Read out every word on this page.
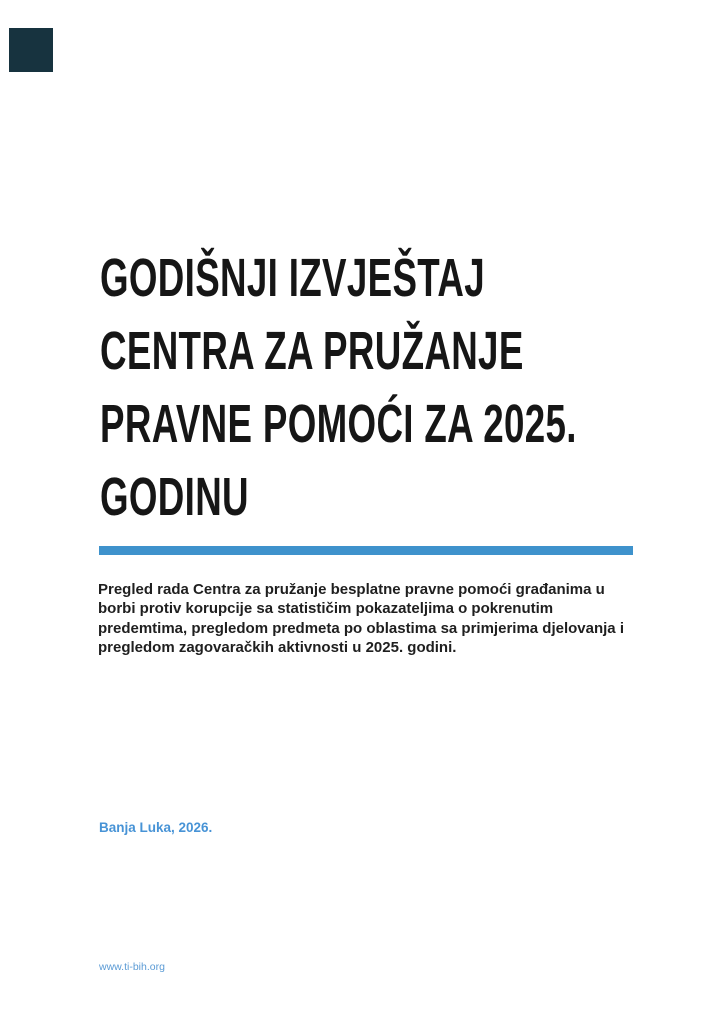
GODIŠNJI IZVJEŠTAJ
CENTRA ZA PRUŽANJE
PRAVNE POMOĆI ZA 2025.
GODINU
Pregled rada Centra za pružanje besplatne pravne pomoći građanima u
borbi protiv korupcije sa statističim pokazateljima o pokrenutim
predemtima, pregledom predmeta po oblastima sa primjerima djelovanja i
pregledom zagovaračkih aktivnosti u 2025. godini.
Banja Luka, 2026.
www.ti-bih.org
